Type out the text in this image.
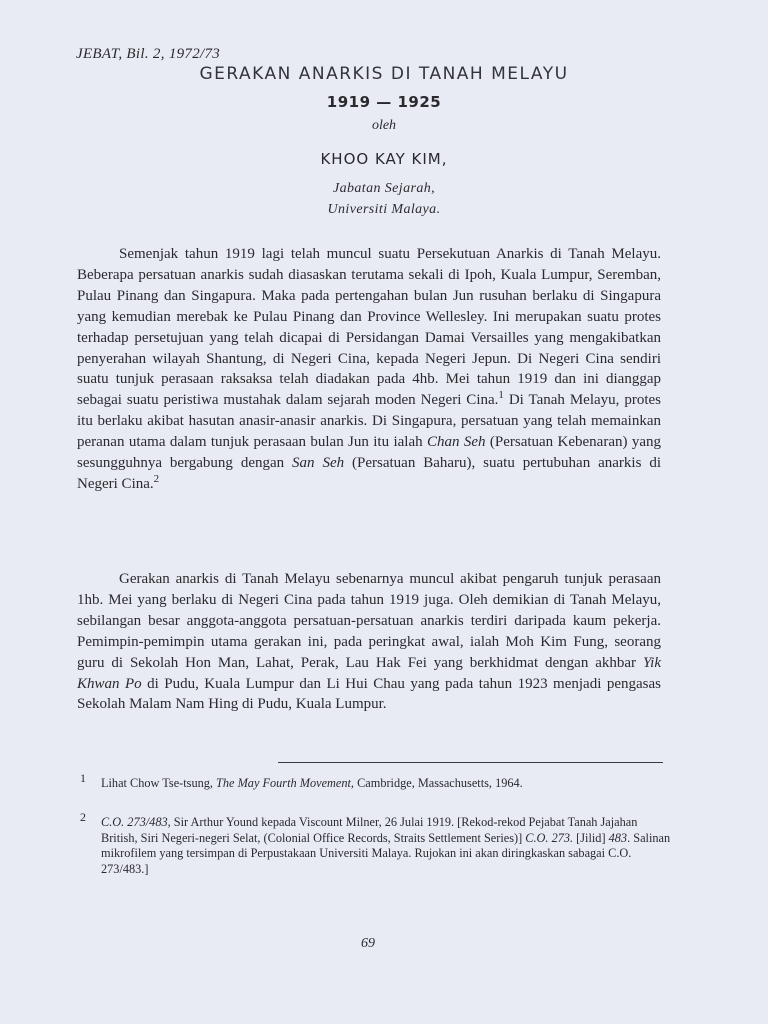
JEBAT, Bil. 2, 1972/73
GERAKAN ANARKIS DI TANAH MELAYU
1919 — 1925
oleh
KHOO KAY KIM,
Jabatan Sejarah,
Universiti Malaya.

Semenjak tahun 1919 lagi telah muncul suatu Persekutuan Anarkis di Tanah Melayu. Beberapa persatuan anarkis sudah diasaskan terutama sekali di Ipoh, Kuala Lumpur, Seremban, Pulau Pinang dan Singapura. Maka pada pertengahan bulan Jun rusuhan berlaku di Singapura yang kemudian merebak ke Pulau Pinang dan Province Wellesley. Ini merupakan suatu protes terhadap persetujuan yang telah dicapai di Persidangan Damai Versailles yang mengakibatkan penyerahan wilayah Shantung, di Negeri Cina, kepada Negeri Jepun. Di Negeri Cina sendiri suatu tunjuk perasaan raksaksa telah diadakan pada 4hb. Mei tahun 1919 dan ini dianggap sebagai suatu peristiwa mustahak dalam sejarah moden Negeri Cina.$^1$ Di Tanah Melayu, protes itu berlaku akibat hasutan anasir-anasir anarkis. Di Singapura, persatuan yang telah memainkan peranan utama dalam tunjuk perasaan bulan Jun itu ialah Chan Seh (Persatuan Kebenaran) yang sesungguhnya bergabung dengan San Seh (Persatuan Baharu), suatu pertubuhan anarkis di Negeri Cina.$^2$

Gerakan anarkis di Tanah Melayu sebenarnya muncul akibat pengaruh tunjuk perasaan 1hb. Mei yang berlaku di Negeri Cina pada tahun 1919 juga. Oleh demikian di Tanah Melayu, sebilangan besar anggota-anggota persatuan-persatuan anarkis terdiri daripada kaum pekerja. Pemimpin-pemimpin utama gerakan ini, pada peringkat awal, ialah Moh Kim Fung, seorang guru di Sekolah Hon Man, Lahat, Perak, Lau Hak Fei yang berkhidmat dengan akhbar Yik Khwan Po di Pudu, Kuala Lumpur dan Li Hui Chau yang pada tahun 1923 menjadi pengasas Sekolah Malam Nam Hing di Pudu, Kuala Lumpur.

1 Lihat Chow Tse-tsung, The May Fourth Movement, Cambridge, Massachusetts, 1964.

2 C.O. 273/483, Sir Arthur Yound kepada Viscount Milner, 26 Julai 1919. [Rekod-rekod Pejabat Tanah Jajahan British, Siri Negeri-negeri Selat, (Colonial Office Records, Straits Settlement Series)] C.O. 273. [Jilid] 483. Salinan mikrofilem yang tersimpan di Perpustakaan Universiti Malaya. Rujokan ini akan diringkaskan sabagai C.O. 273/483.]

69
